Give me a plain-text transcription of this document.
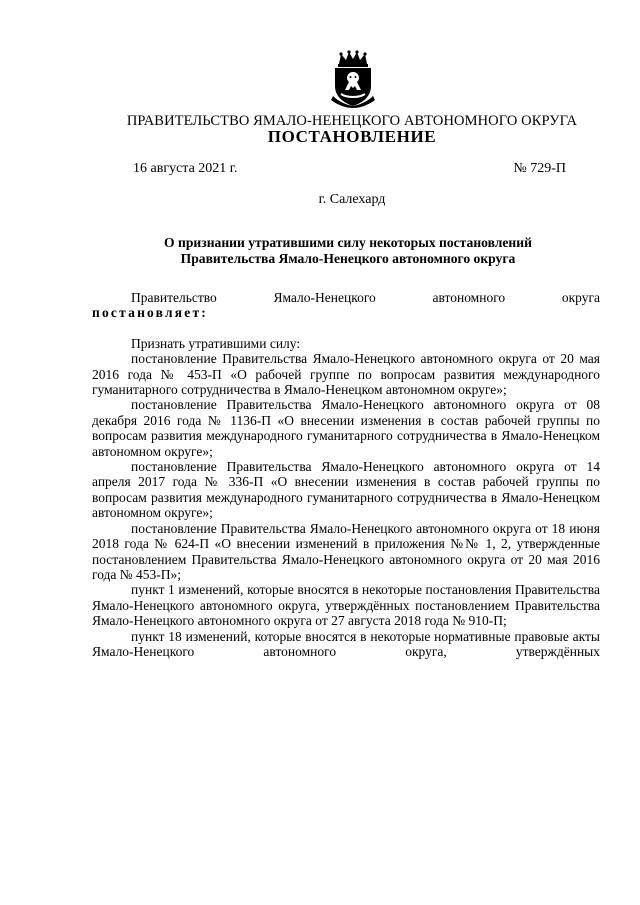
ПРАВИТЕЛЬСТВО ЯМАЛО-НЕНЕЦКОГО АВТОНОМНОГО ОКРУГА
ПОСТАНОВЛЕНИЕ
16 августа 2021 г.	№ 729-П
г. Салехард
О признании утратившими силу некоторых постановлений
Правительства Ямало-Ненецкого автономного округа

Правительство Ямало-Ненецкого автономного округа

постановляет:

Признать утратившими силу:

постановление Правительства Ямало-Ненецкого автономного округа от 20 мая 2016 года № 453-П «О рабочей группе по вопросам развития международного гуманитарного сотрудничества в Ямало-Ненецком автономном округе»;

постановление Правительства Ямало-Ненецкого автономного округа от 08 декабря 2016 года № 1136-П «О внесении изменения в состав рабочей группы по вопросам развития международного гуманитарного сотрудничества в Ямало-Ненецком автономном округе»;

постановление Правительства Ямало-Ненецкого автономного округа от 14 апреля 2017 года № 336-П «О внесении изменения в состав рабочей группы по вопросам развития международного гуманитарного сотрудничества в Ямало-Ненецком автономном округе»;

постановление Правительства Ямало-Ненецкого автономного округа от 18 июня 2018 года № 624-П «О внесении изменений в приложения №№ 1, 2, утвержденные постановлением Правительства Ямало-Ненецкого автономного округа от 20 мая 2016 года № 453-П»;

пункт 1 изменений, которые вносятся в некоторые постановления Правительства Ямало-Ненецкого автономного округа, утверждённых постановлением Правительства Ямало-Ненецкого автономного округа от 27 августа 2018 года № 910-П;

пункт 18 изменений, которые вносятся в некоторые нормативные правовые акты Ямало-Ненецкого автономного округа, утверждённых
